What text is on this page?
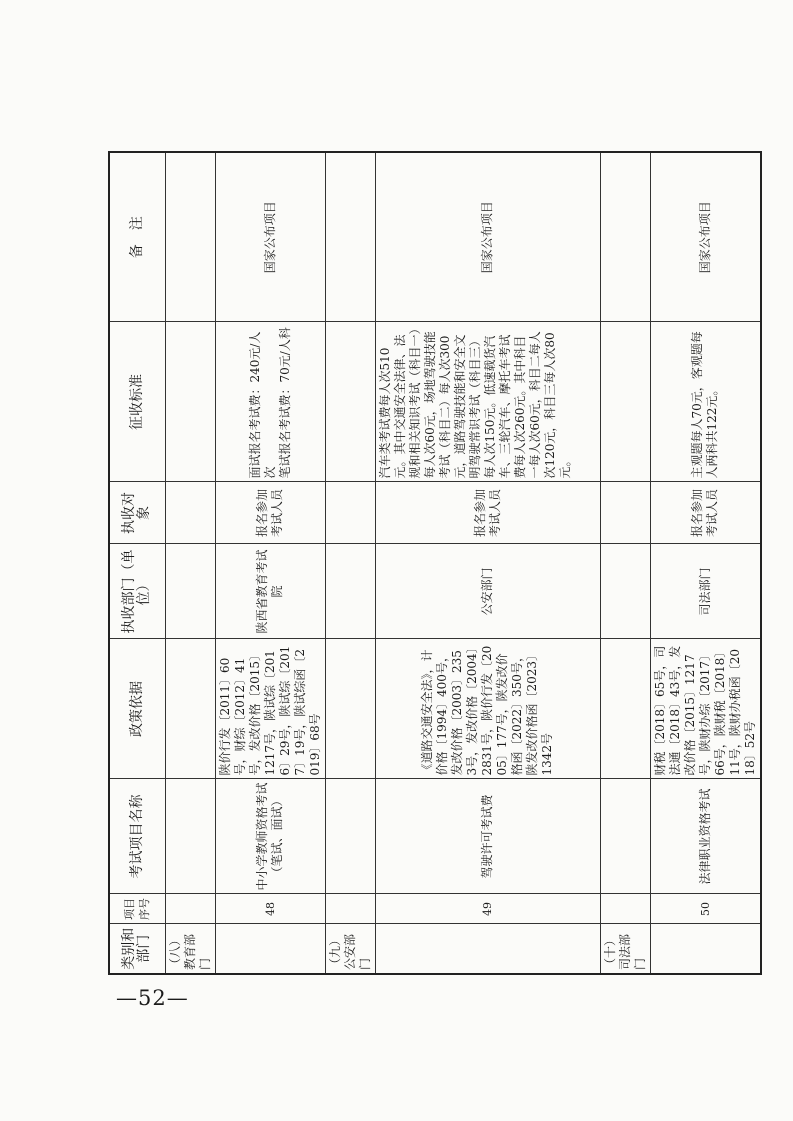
—52—
类别和部门	项目序号	考试项目名称	政策依据	执收部门（单位）	执收对象	征收标准	备　注
（八）教育部门							
	48	中小学教师资格考试（笔试、面试）	陕价行发〔2011〕60号，财综〔2012〕41号，发改价格〔2015〕1217号，陕试综〔2016〕29号，陕试综〔2017〕19号，陕试综函〔2019〕68号	陕西省教育考试院	报名参加考试人员	面试报名考试费：240元/人次
笔试报名考试费：70元/人科	国家公布项目
（九）公安部门							
	49	驾驶许可考试费	《道路交通安全法》，计价格〔1994〕400号，发改价格〔2003〕2353号，发改价格〔2004〕2831号，陕价行发〔2005〕177号，陕发改价格函〔2022〕350号，陕发改价格函〔2023〕1342号	公安部门	报名参加考试人员	汽车类考试费每人次510元。其中交通安全法律、法规和相关知识考试（科目一）每人次60元，场地驾驶技能考试（科目二）每人次300元，道路驾驶技能和安全文明驾驶常识考试（科目三）每人次150元。低速载货汽车、三轮汽车、摩托车考试费每人次260元。其中科目一每人次60元，科目二每人次120元，科目三每人次80元。	国家公布项目
（十）司法部门							
	50	法律职业资格考试	财税〔2018〕65号，司法通〔2018〕43号，发改价格〔2015〕1217号，陕财办综〔2017〕66号，陕财税〔2018〕11号，陕财办税函〔2018〕52号	司法部门	报名参加考试人员	主观题每人70元，客观题每人两科共122元。	国家公布项目
